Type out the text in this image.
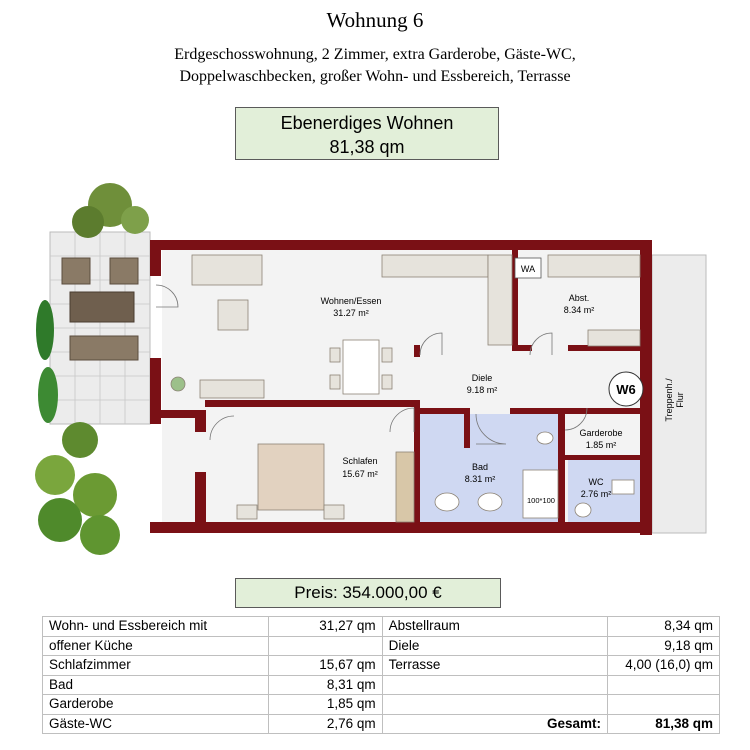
Wohnung 6
Erdgeschosswohnung, 2 Zimmer, extra Garderobe, Gäste-WC,
Doppelwaschbecken, großer Wohn- und Essbereich, Terrasse
Ebenerdiges Wohnen
81,38 qm
WA
W6
100*100
Treppenh./ Flur
Wohnen/Essen
31.27 m²
Abst.
8.34 m²
Diele
9.18 m²
Schlafen
15.67 m²
Bad
8.31 m²
Garderobe
1.85 m²
WC
2.76 m²
Preis: 354.000,00 €
Wohn- und Essbereich mit	31,27 qm	Abstellraum	8,34 qm
offener Küche		Diele	9,18 qm
Schlafzimmer	15,67 qm	Terrasse	4,00 (16,0) qm
Bad	8,31 qm		
Garderobe	1,85 qm		
Gäste-WC	2,76 qm	Gesamt:	81,38 qm
